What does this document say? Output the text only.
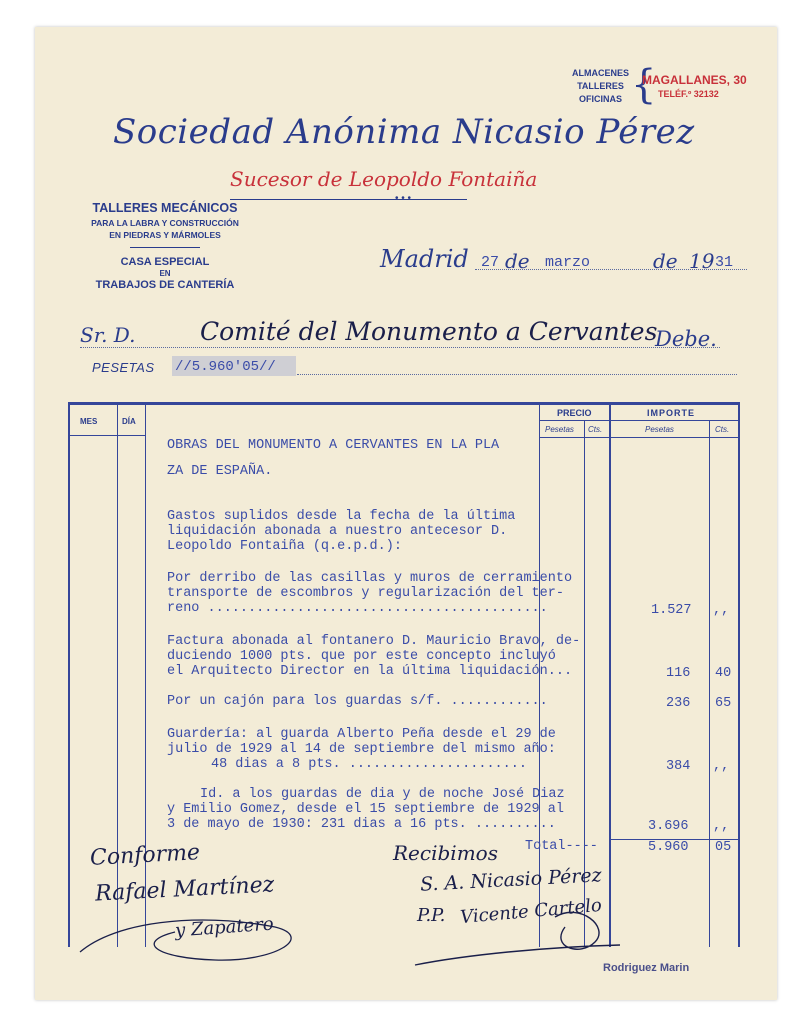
ALMACENES
TALLERES
OFICINAS {
MAGALLANES, 30
TELÉF.º 32132
Sociedad Anónima Nicasio Pérez
Sucesor de Leopoldo Fontaiña
• • •
TALLERES MECÁNICOS
PARA LA LABRA Y CONSTRUCCIÓN
EN PIEDRAS Y MÁRMOLES
CASA ESPECIAL
EN
TRABAJOS DE CANTERÍA
Madrid 27 de marzo	de 19 31
Sr. D.	Comité del Monumento a Cervantes
Debe.
PESETAS //5.960'05//
MES	DÍA
PRECIO	IMPORTE
Pesetas Cts.	Pesetas	Cts.
OBRAS DEL MONUMENTO A CERVANTES EN LA PLA
ZA DE ESPAÑA.
Gastos suplidos desde la fecha de la última
liquidación abonada a nuestro antecesor D.
Leopoldo Fontaiña (q.e.p.d.):
Por derribo de las casillas y muros de cerramiento
transporte de escombros y regularización del ter-
reno ..........................................	1.527 ,,
Factura abonada al fontanero D. Mauricio Bravo, de-
duciendo 1000 pts. que por este concepto incluyó
el Arquitecto Director en la última liquidación...	116 40
Por un cajón para los guardas s/f. ............	236 65
Guardería: al guarda Alberto Peña desde el 29 de
julio de 1929 al 14 de septiembre del mismo año:
48 dias a 8 pts. ......................	384 ,,
Id. a los guardas de dia y de noche José Diaz
y Emilio Gomez, desde el 15 septiembre de 1929 al
3 de mayo de 1930: 231 dias a 16 pts. ..........	3.696 ,,
Total----	5.960 05
Conforme
Rafael Martínez
y Zapatero
Recibimos
S. A. Nicasio Pérez
P.P. Vicente Cartelo
Rodriguez Marin
